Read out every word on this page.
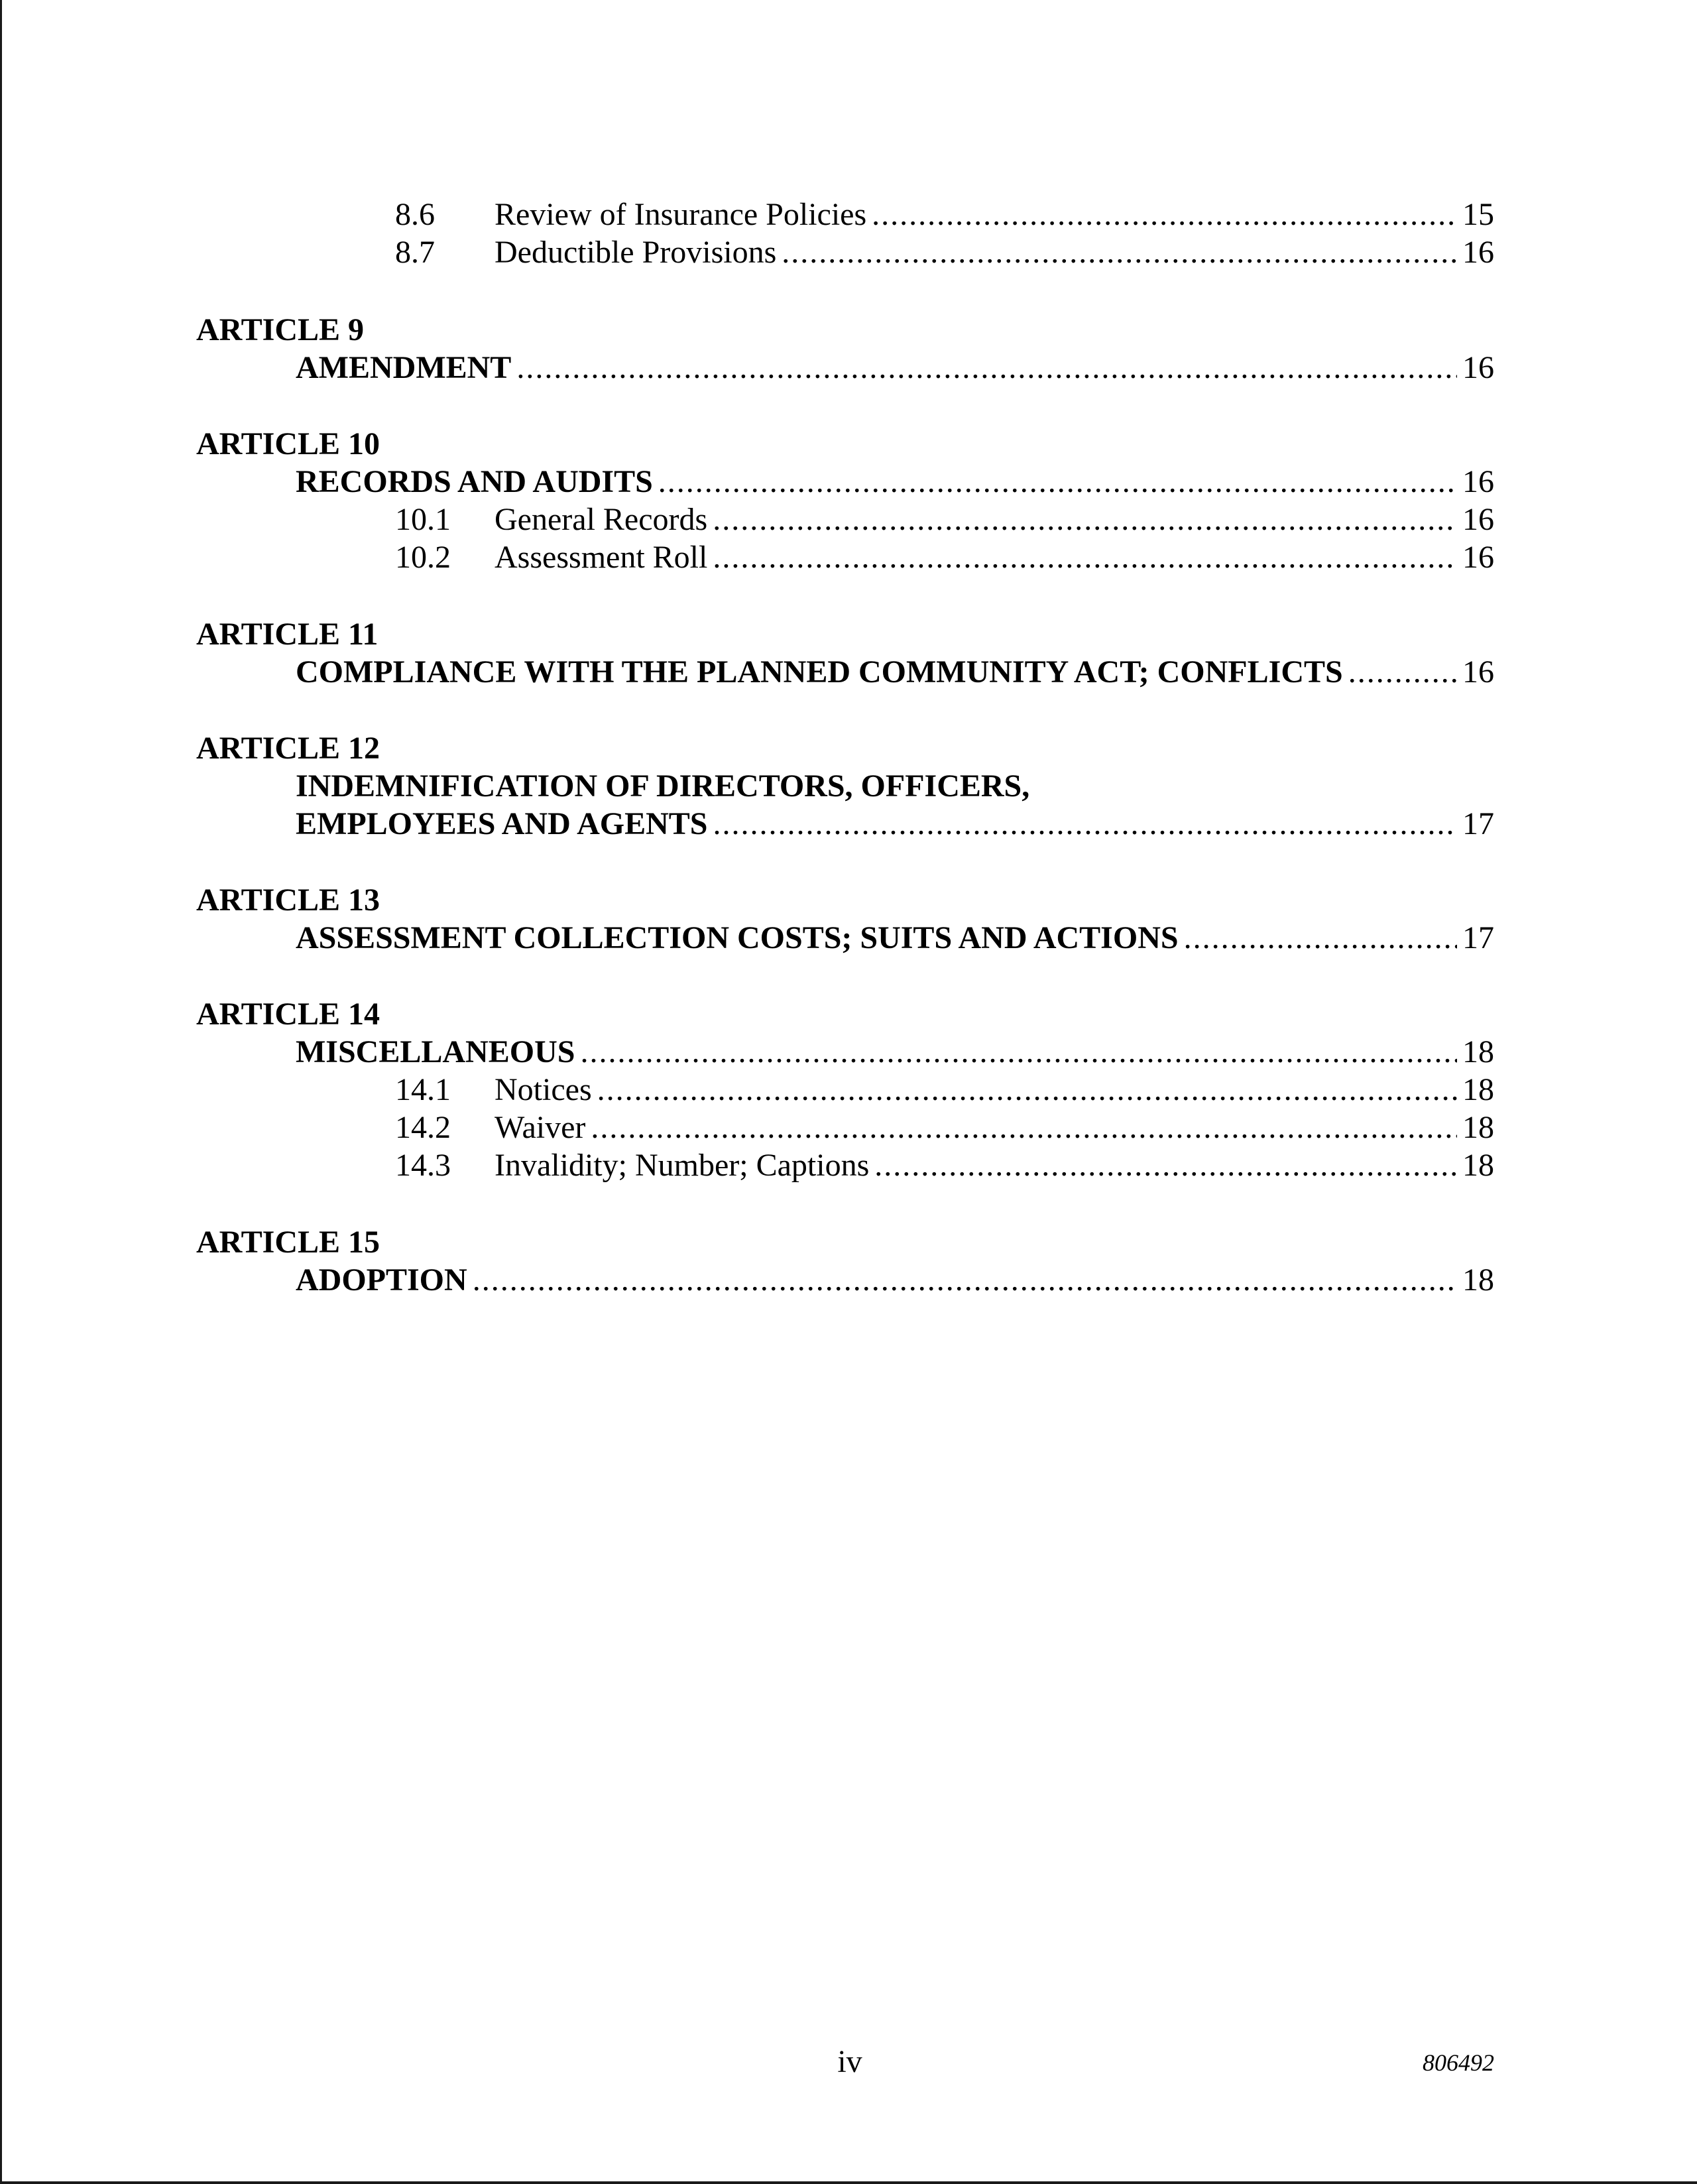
8.6	Review of Insurance Policies .....	15
8.7	Deductible Provisions .....	16
ARTICLE 9
AMENDMENT .....	16
ARTICLE 10
RECORDS AND AUDITS .....	16
10.1	General Records .....	16
10.2	Assessment Roll .....	16
ARTICLE 11
COMPLIANCE WITH THE PLANNED COMMUNITY ACT; CONFLICTS .....	16
ARTICLE 12
INDEMNIFICATION OF DIRECTORS, OFFICERS,
EMPLOYEES AND AGENTS .....	17
ARTICLE 13
ASSESSMENT COLLECTION COSTS; SUITS AND ACTIONS .....	17
ARTICLE 14
MISCELLANEOUS .....	18
14.1	Notices .....	18
14.2	Waiver .....	18
14.3	Invalidity; Number; Captions .....	18
ARTICLE 15
ADOPTION .....	18
iv	806492
